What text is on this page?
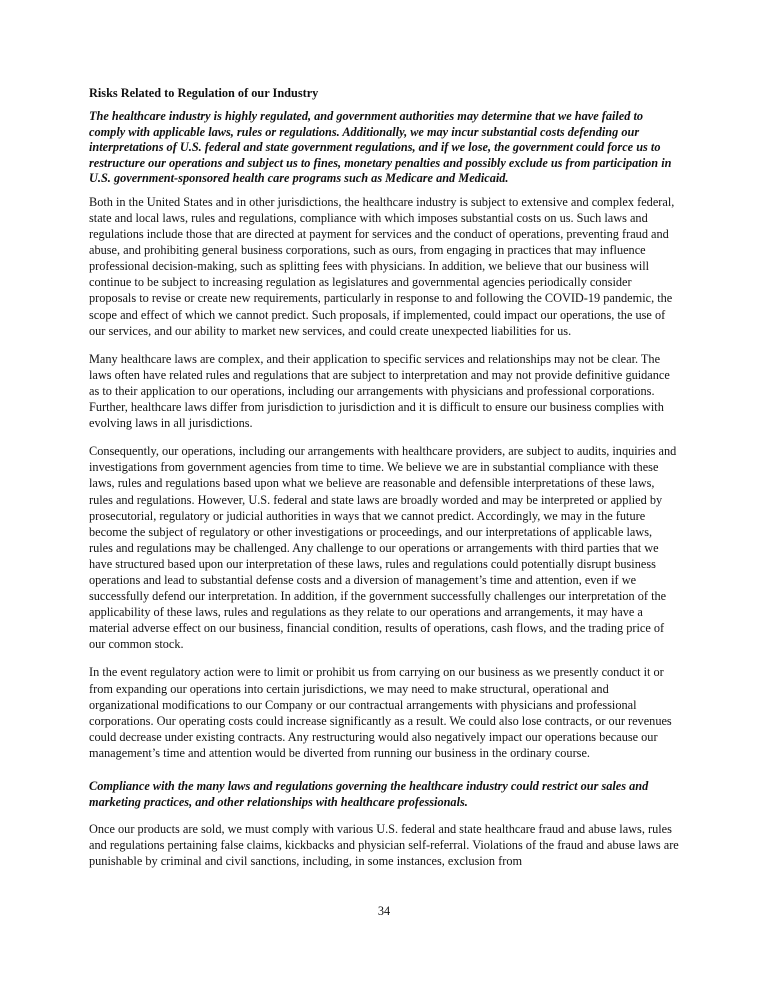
Risks Related to Regulation of our Industry

The healthcare industry is highly regulated, and government authorities may determine that we have failed to comply with applicable laws, rules or regulations. Additionally, we may incur substantial costs defending our interpretations of U.S. federal and state government regulations, and if we lose, the government could force us to restructure our operations and subject us to fines, monetary penalties and possibly exclude us from participation in U.S. government-sponsored health care programs such as Medicare and Medicaid.

Both in the United States and in other jurisdictions, the healthcare industry is subject to extensive and complex federal, state and local laws, rules and regulations, compliance with which imposes substantial costs on us. Such laws and regulations include those that are directed at payment for services and the conduct of operations, preventing fraud and abuse, and prohibiting general business corporations, such as ours, from engaging in practices that may influence professional decision-making, such as splitting fees with physicians. In addition, we believe that our business will continue to be subject to increasing regulation as legislatures and governmental agencies periodically consider proposals to revise or create new requirements, particularly in response to and following the COVID-19 pandemic, the scope and effect of which we cannot predict. Such proposals, if implemented, could impact our operations, the use of our services, and our ability to market new services, and could create unexpected liabilities for us.

Many healthcare laws are complex, and their application to specific services and relationships may not be clear. The laws often have related rules and regulations that are subject to interpretation and may not provide definitive guidance as to their application to our operations, including our arrangements with physicians and professional corporations. Further, healthcare laws differ from jurisdiction to jurisdiction and it is difficult to ensure our business complies with evolving laws in all jurisdictions.

Consequently, our operations, including our arrangements with healthcare providers, are subject to audits, inquiries and investigations from government agencies from time to time. We believe we are in substantial compliance with these laws, rules and regulations based upon what we believe are reasonable and defensible interpretations of these laws, rules and regulations. However, U.S. federal and state laws are broadly worded and may be interpreted or applied by prosecutorial, regulatory or judicial authorities in ways that we cannot predict. Accordingly, we may in the future become the subject of regulatory or other investigations or proceedings, and our interpretations of applicable laws, rules and regulations may be challenged. Any challenge to our operations or arrangements with third parties that we have structured based upon our interpretation of these laws, rules and regulations could potentially disrupt business operations and lead to substantial defense costs and a diversion of management’s time and attention, even if we successfully defend our interpretation. In addition, if the government successfully challenges our interpretation of the applicability of these laws, rules and regulations as they relate to our operations and arrangements, it may have a material adverse effect on our business, financial condition, results of operations, cash flows, and the trading price of our common stock.

In the event regulatory action were to limit or prohibit us from carrying on our business as we presently conduct it or from expanding our operations into certain jurisdictions, we may need to make structural, operational and organizational modifications to our Company or our contractual arrangements with physicians and professional corporations. Our operating costs could increase significantly as a result. We could also lose contracts, or our revenues could decrease under existing contracts. Any restructuring would also negatively impact our operations because our management’s time and attention would be diverted from running our business in the ordinary course.

Compliance with the many laws and regulations governing the healthcare industry could restrict our sales and marketing practices, and other relationships with healthcare professionals.

Once our products are sold, we must comply with various U.S. federal and state healthcare fraud and abuse laws, rules and regulations pertaining false claims, kickbacks and physician self-referral. Violations of the fraud and abuse laws are punishable by criminal and civil sanctions, including, in some instances, exclusion from

34
